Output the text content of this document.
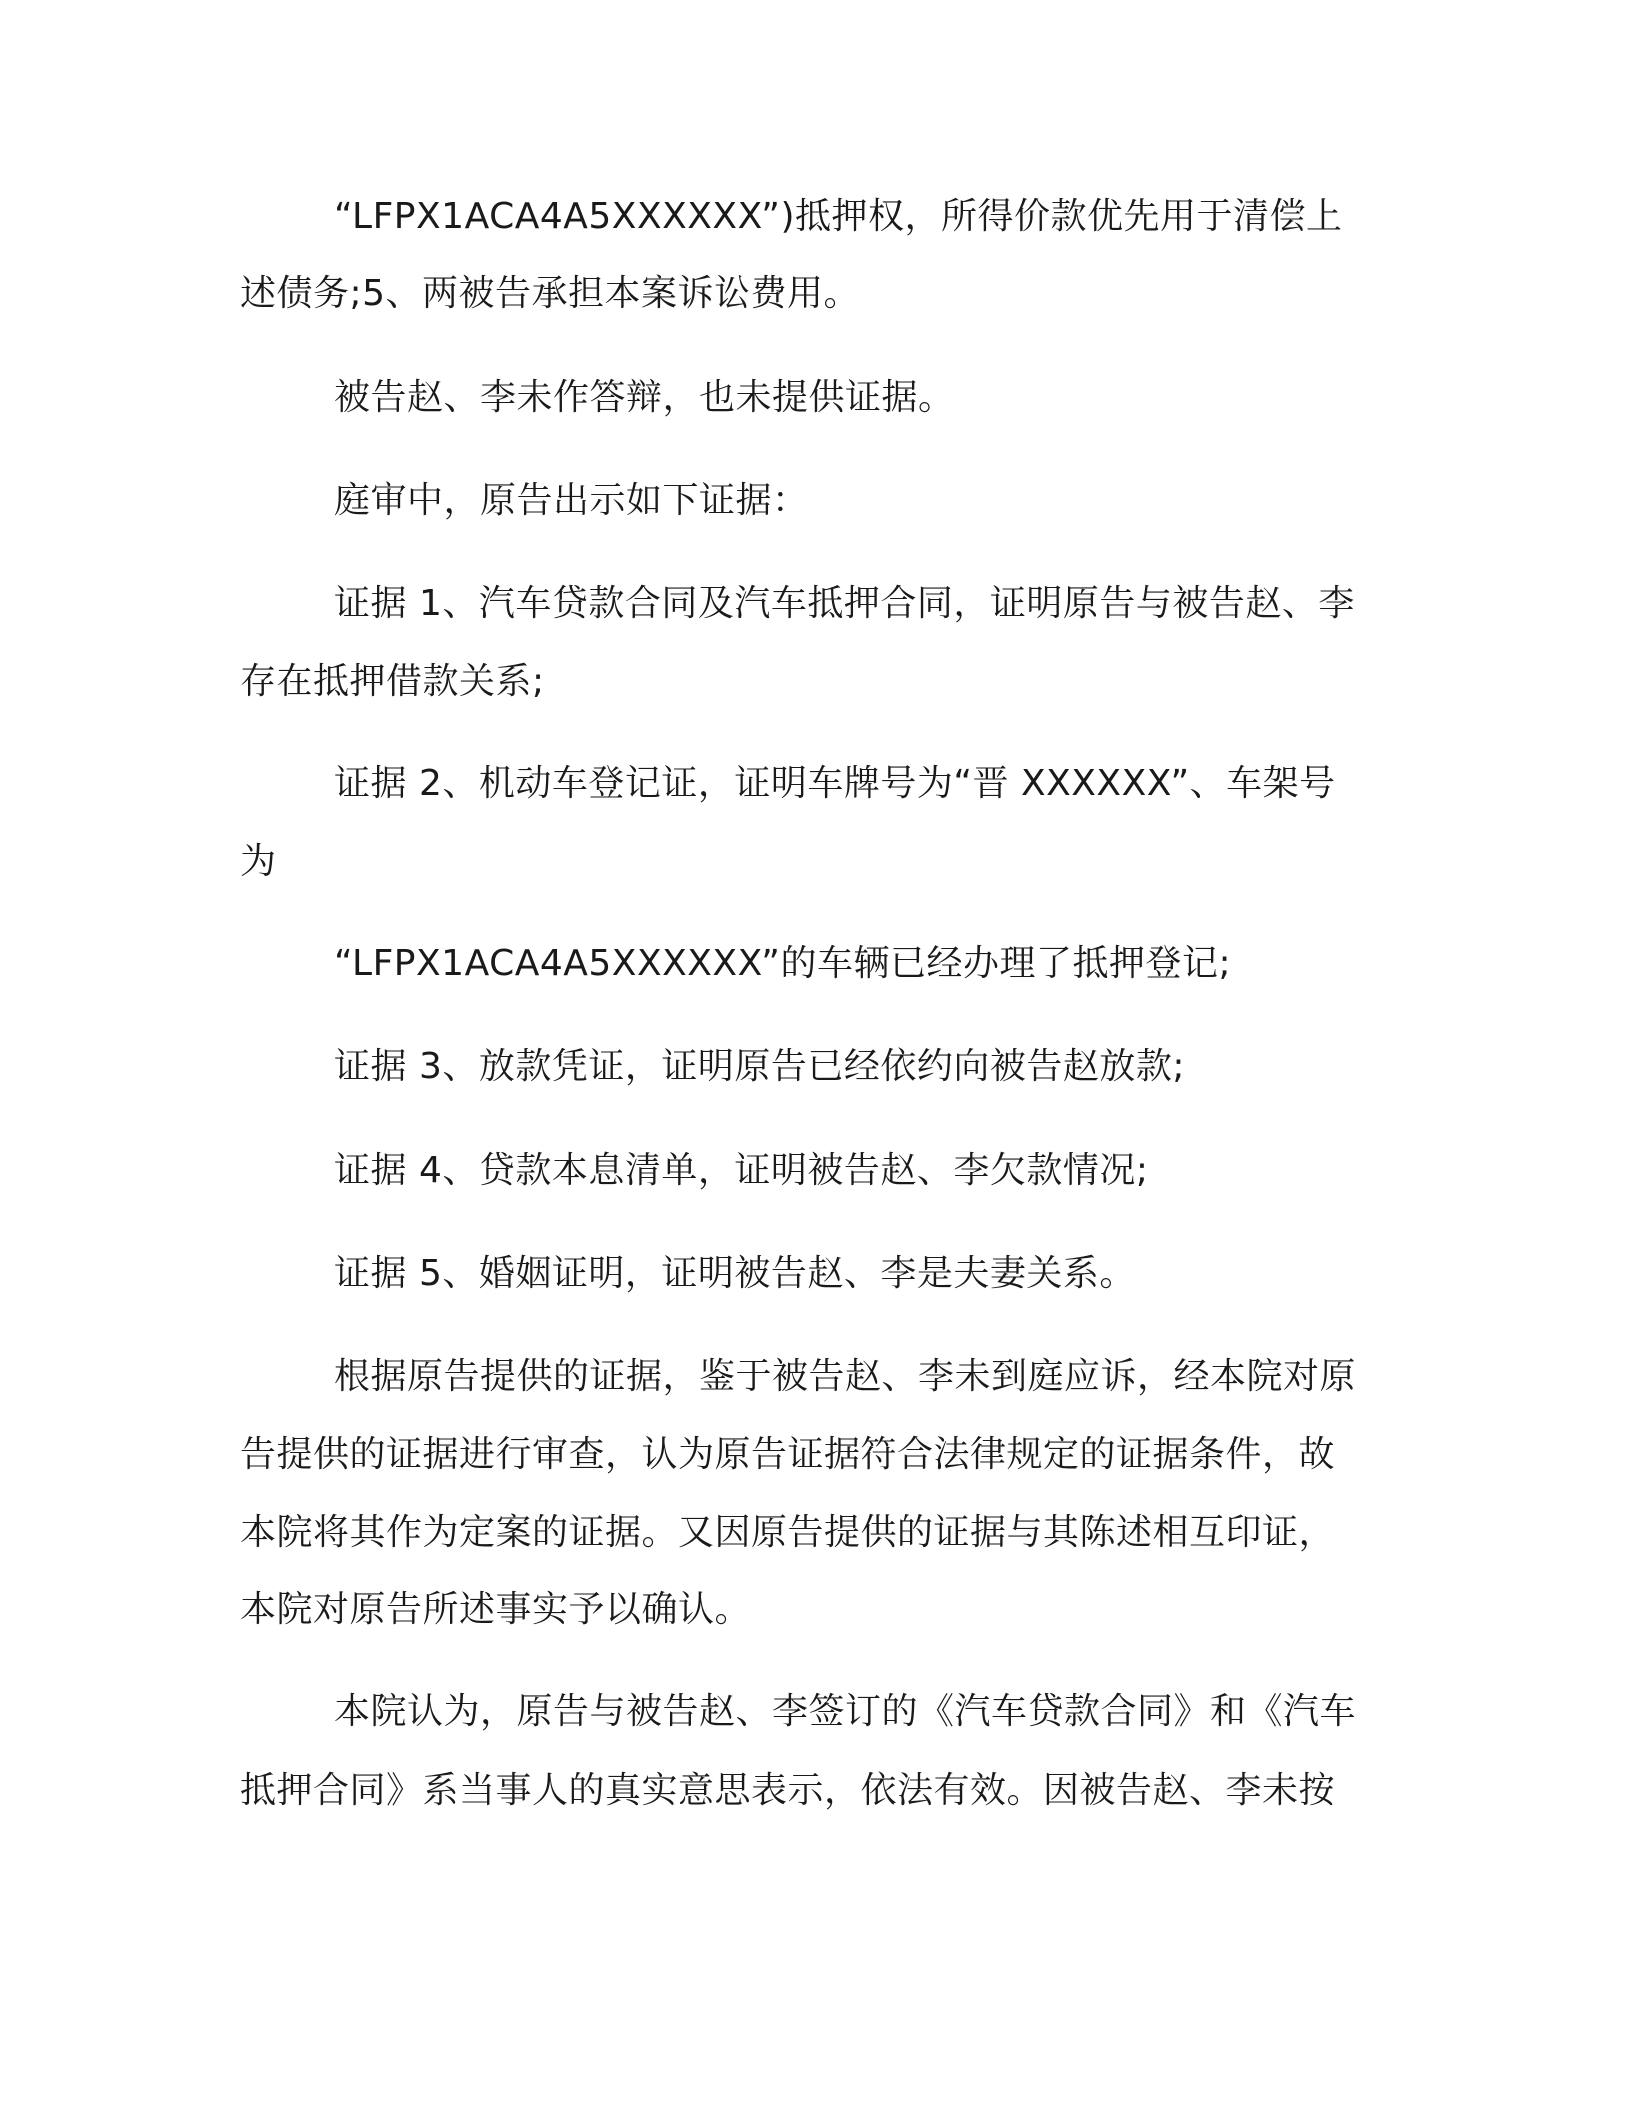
“LFPX1ACA4A5XXXXXX”)抵押权，所得价款优先用于清偿上
述债务;5、两被告承担本案诉讼费用。
被告赵、李未作答辩，也未提供证据。
庭审中，原告出示如下证据：
证据 1、汽车贷款合同及汽车抵押合同，证明原告与被告赵、李
存在抵押借款关系;
证据 2、机动车登记证，证明车牌号为“晋 XXXXXX”、车架号
为
“LFPX1ACA4A5XXXXXX”的车辆已经办理了抵押登记;
证据 3、放款凭证，证明原告已经依约向被告赵放款;
证据 4、贷款本息清单，证明被告赵、李欠款情况;
证据 5、婚姻证明，证明被告赵、李是夫妻关系。
根据原告提供的证据，鉴于被告赵、李未到庭应诉，经本院对原
告提供的证据进行审查，认为原告证据符合法律规定的证据条件，故
本院将其作为定案的证据。又因原告提供的证据与其陈述相互印证，
本院对原告所述事实予以确认。
本院认为，原告与被告赵、李签订的《汽车贷款合同》和《汽车
抵押合同》系当事人的真实意思表示，依法有效。因被告赵、李未按
